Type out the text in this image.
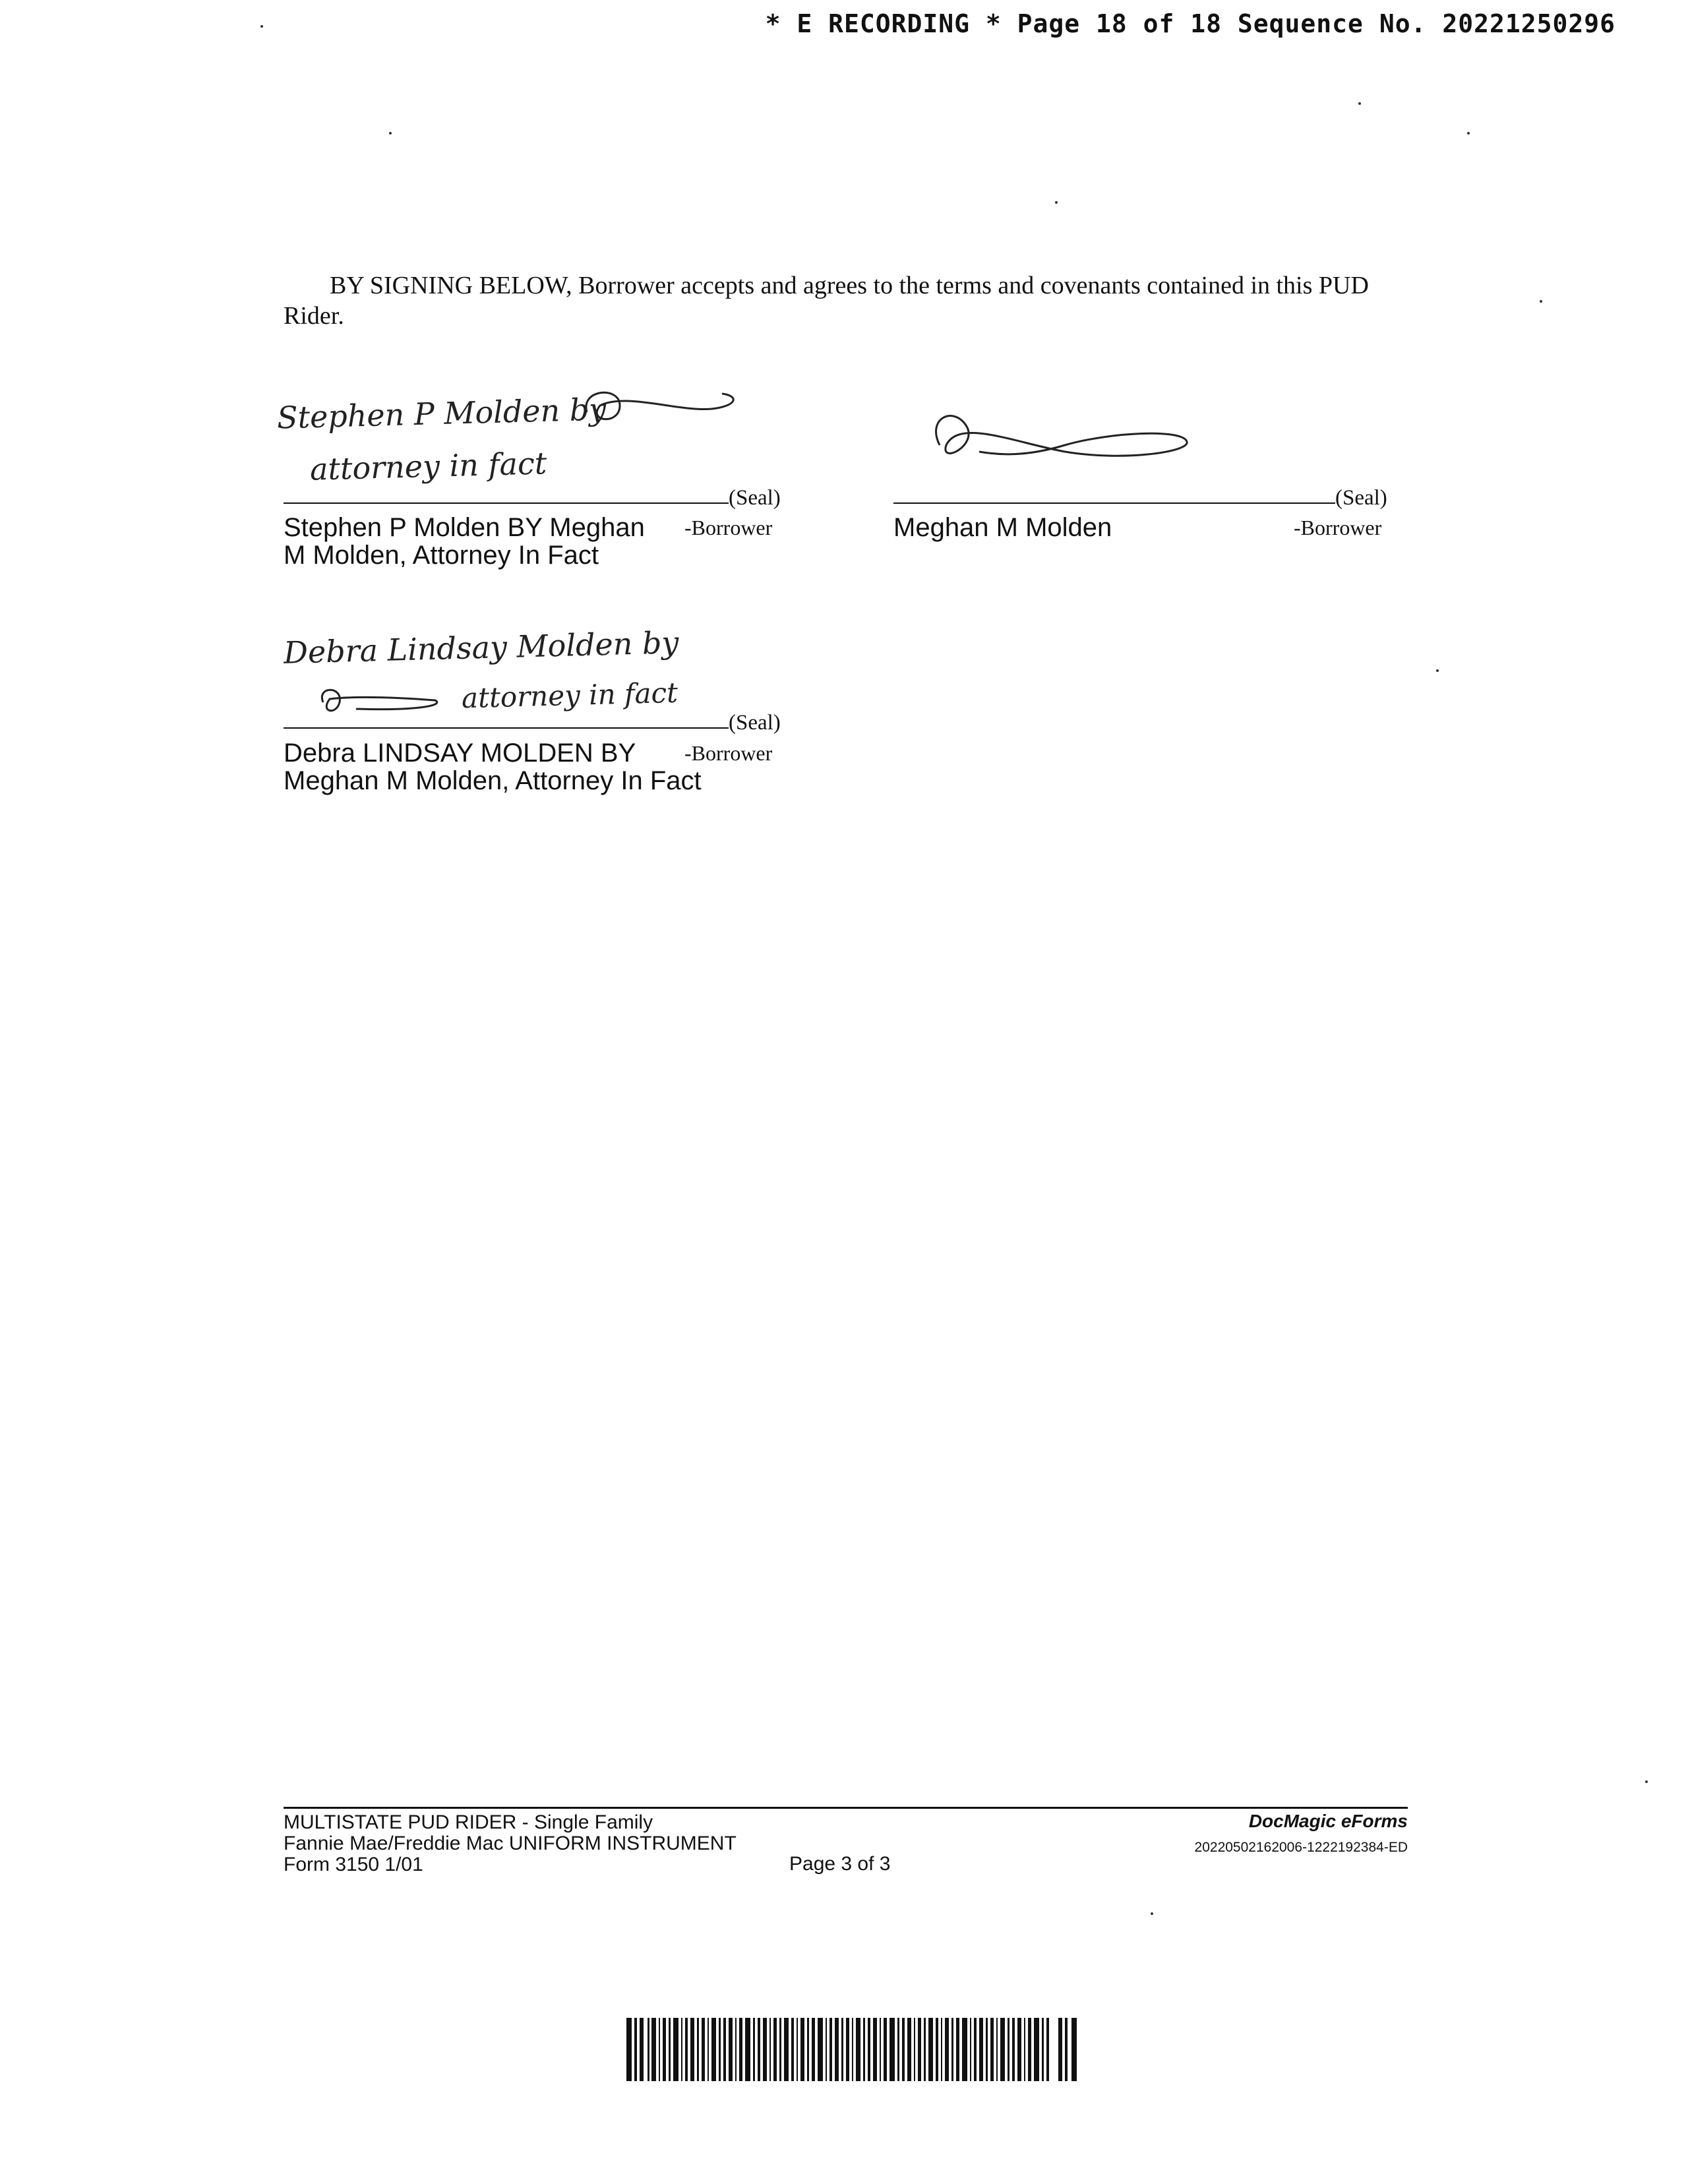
* E RECORDING * Page 18 of 18 Sequence No. 20221250296
BY SIGNING BELOW, Borrower accepts and agrees to the terms and covenants contained in this PUD
Rider.
Stephen P Molden by
attorney in fact
(Seal)
Stephen P Molden BY Meghan
M Molden, Attorney In Fact
-Borrower
(Seal)
Meghan M Molden	-Borrower
Debra Lindsay Molden by
attorney in fact
(Seal)
Debra LINDSAY MOLDEN BY
Meghan M Molden, Attorney In Fact
-Borrower
MULTISTATE PUD RIDER - Single Family
Fannie Mae/Freddie Mac UNIFORM INSTRUMENT
Form 3150 1/01	Page 3 of 3
DocMagic eForms
20220502162006-1222192384-ED
